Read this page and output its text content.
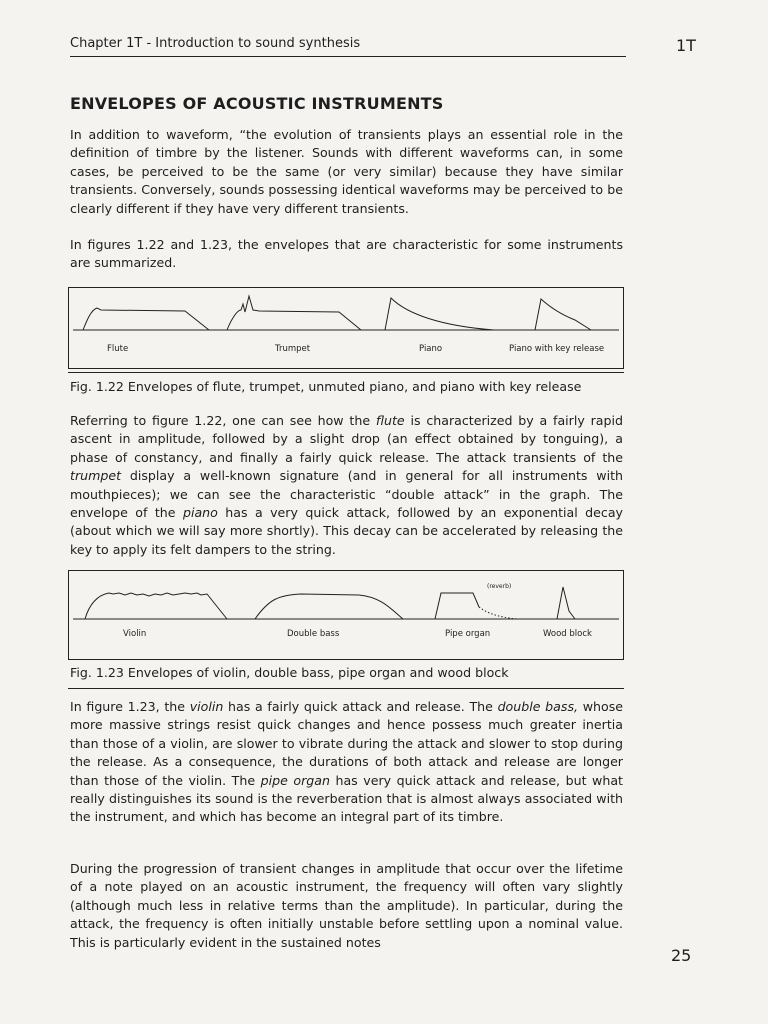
Chapter 1T - Introduction to sound synthesis	1T
ENVELOPES OF ACOUSTIC INSTRUMENTS

In addition to waveform, “the evolution of transients plays an essential role in the definition of timbre by the listener. Sounds with different waveforms can, in some cases, be perceived to be the same (or very similar) because they have similar transients. Conversely, sounds possessing identical waveforms may be perceived to be clearly different if they have very different transients.

In figures 1.22 and 1.23, the envelopes that are characteristic for some instruments are summarized.

Flute	Trumpet	Piano	Piano with key release

Fig. 1.22 Envelopes of flute, trumpet, unmuted piano, and piano with key release

Referring to figure 1.22, one can see how the flute is characterized by a fairly rapid ascent in amplitude, followed by a slight drop (an effect obtained by tonguing), a phase of constancy, and finally a fairly quick release. The attack transients of the trumpet display a well-known signature (and in general for all instruments with mouthpieces); we can see the characteristic “double attack” in the graph. The envelope of the piano has a very quick attack, followed by an exponential decay (about which we will say more shortly). This decay can be accelerated by releasing the key to apply its felt dampers to the string.

(reverb)
Violin	Double bass	Pipe organ	Wood block

Fig. 1.23 Envelopes of violin, double bass, pipe organ and wood block

In figure 1.23, the violin has a fairly quick attack and release. The double bass, whose more massive strings resist quick changes and hence possess much greater inertia than those of a violin, are slower to vibrate during the attack and slower to stop during the release. As a consequence, the durations of both attack and release are longer than those of the violin. The pipe organ has very quick attack and release, but what really distinguishes its sound is the reverberation that is almost always associated with the instrument, and which has become an integral part of its timbre.

During the progression of transient changes in amplitude that occur over the lifetime of a note played on an acoustic instrument, the frequency will often vary slightly (although much less in relative terms than the amplitude). In particular, during the attack, the frequency is often initially unstable before settling upon a nominal value. This is particularly evident in the sustained notes

25
